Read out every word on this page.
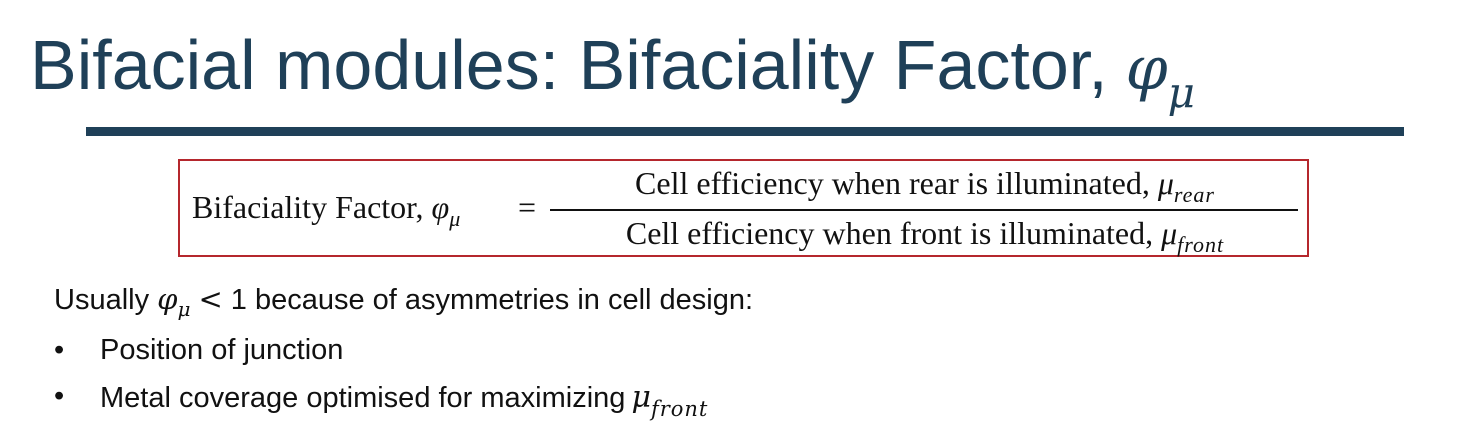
Bifacial modules: Bifaciality Factor, $\varphi_\mu$
Bifaciality Factor, $\varphi_\mu$ =
Cell efficiency when rear is illuminated, $\mu_{rear}$
Cell efficiency when front is illuminated, $\mu_{front}$
Usually $\varphi_\mu < 1$ because of asymmetries in cell design:
• Position of junction
• Metal coverage optimised for maximizing $\mu_{front}$
